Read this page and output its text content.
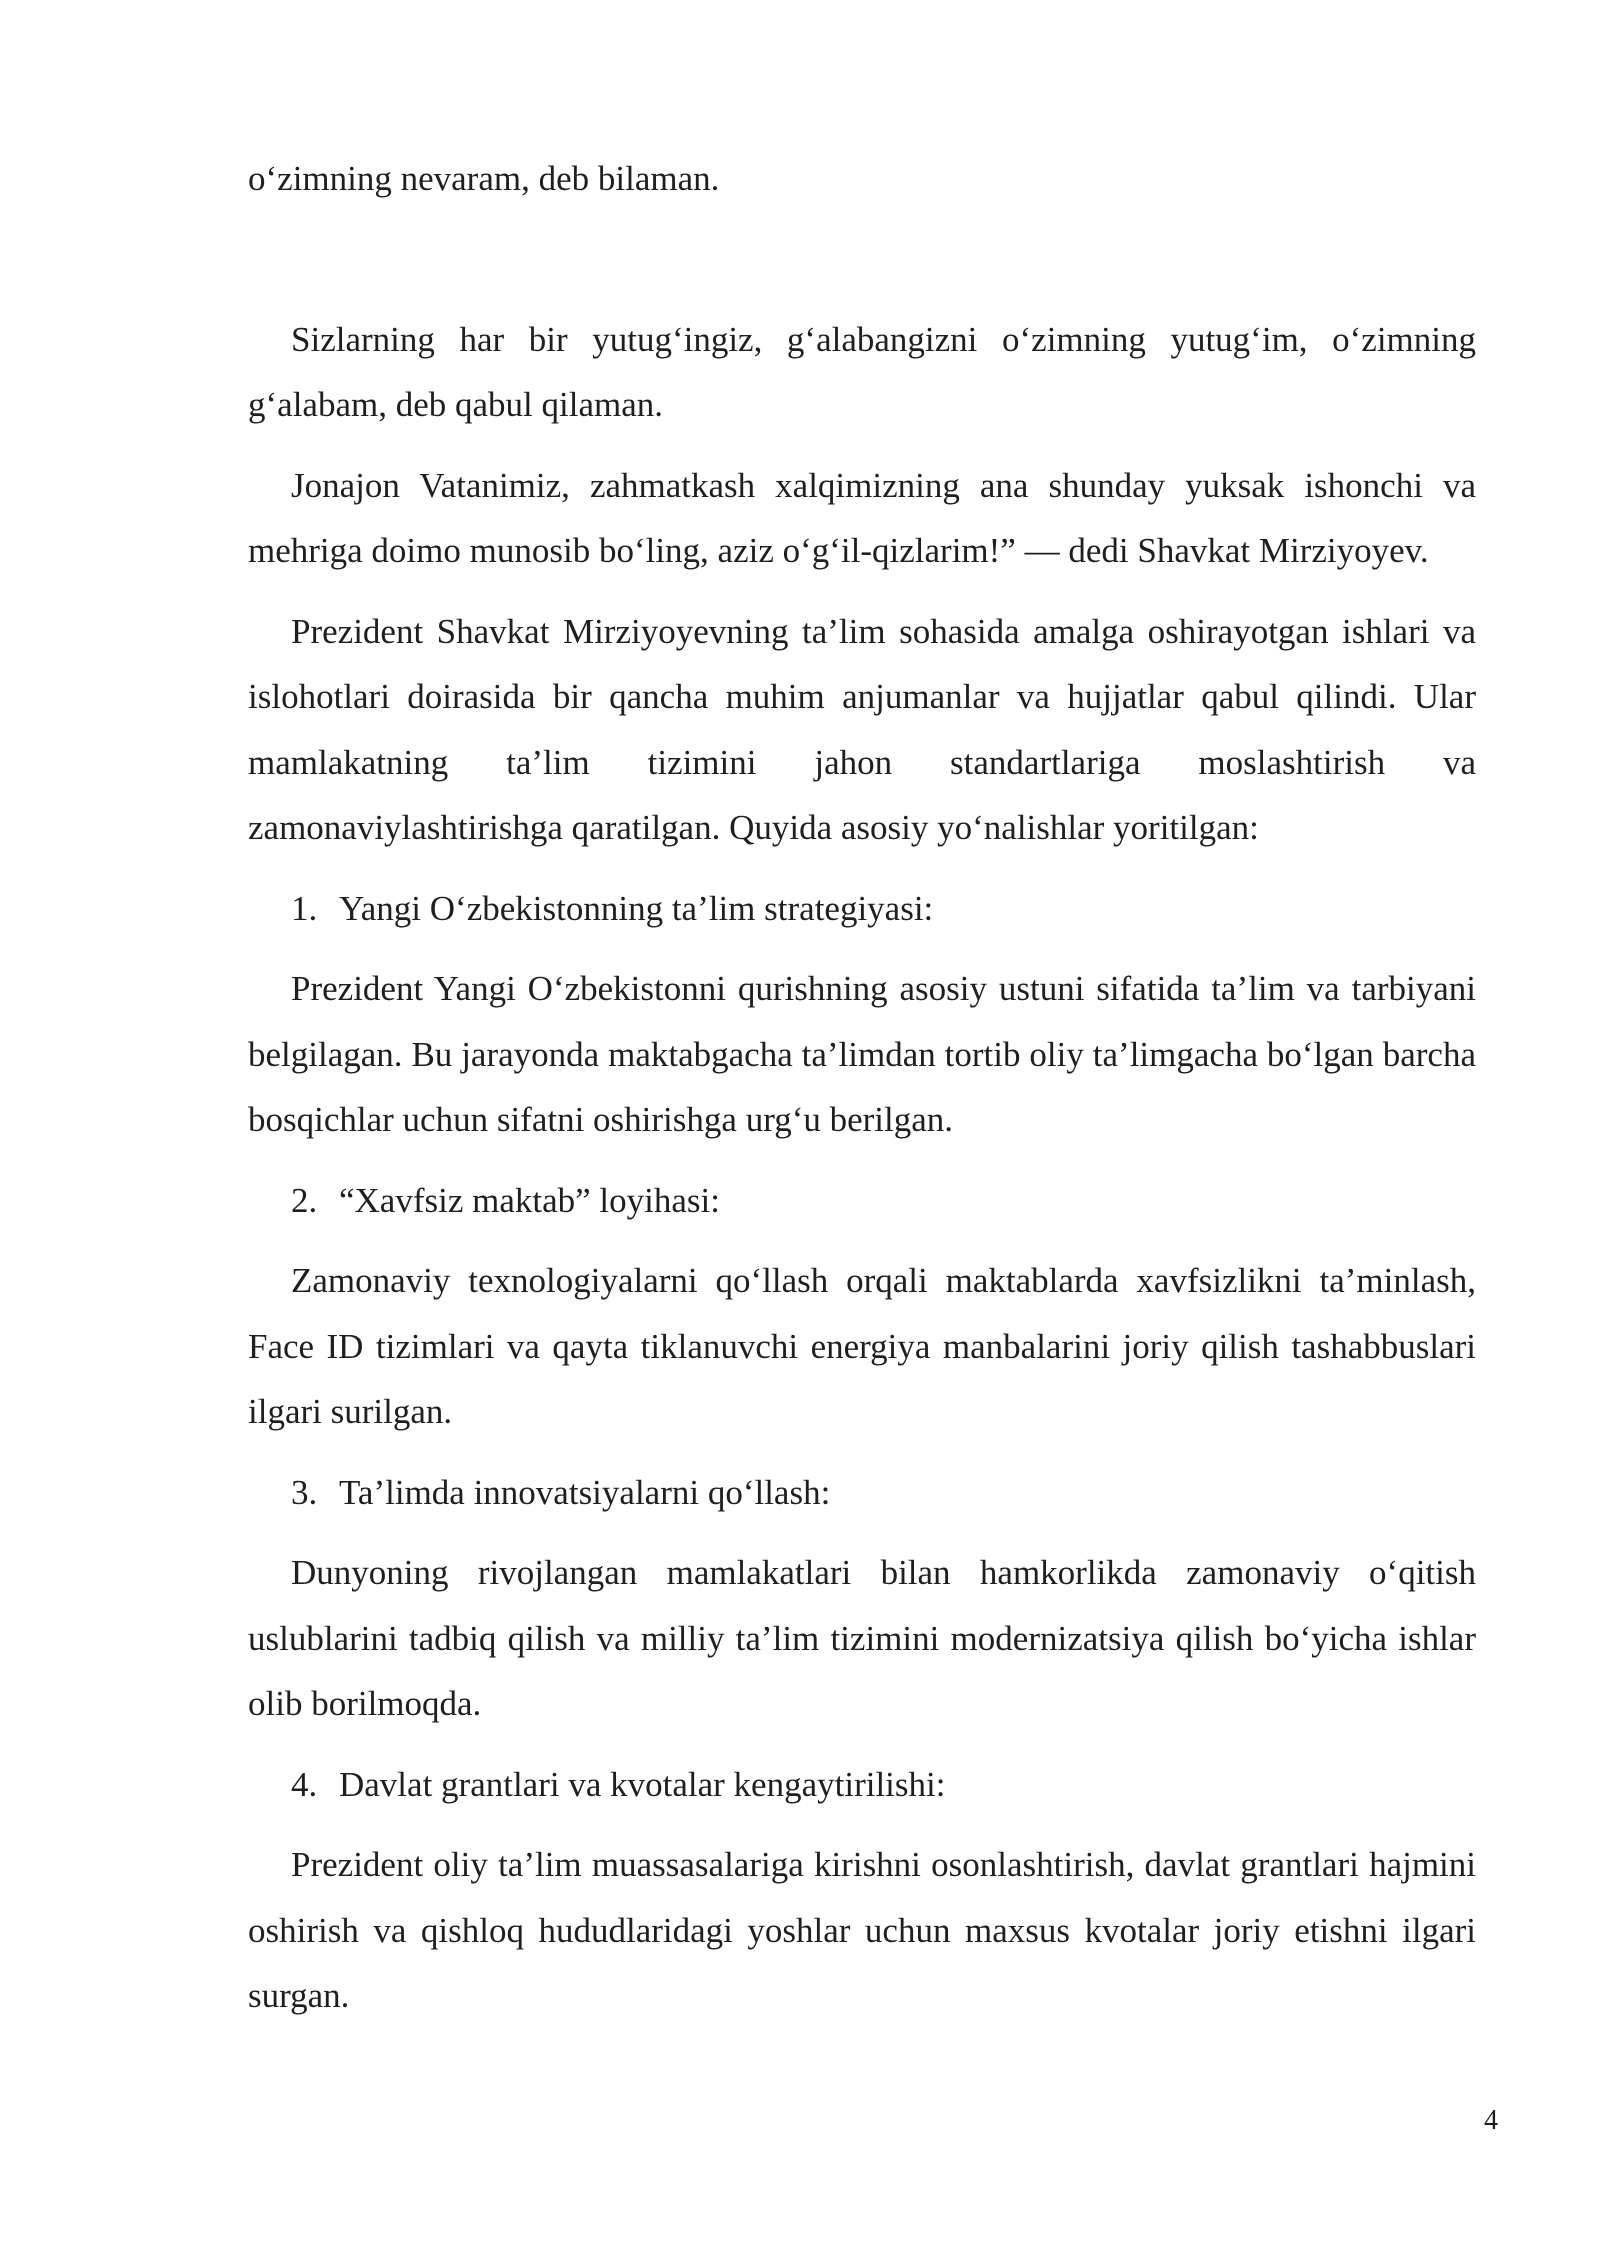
o‘zimning nevaram, deb bilaman.

Sizlarning har bir yutug‘ingiz, g‘alabangizni o‘zimning yutug‘im, o‘zimning g‘alabam, deb qabul qilaman.

Jonajon Vatanimiz, zahmatkash xalqimizning ana shunday yuksak ishonchi va mehriga doimo munosib bo‘ling, aziz o‘g‘il-qizlarim!” — dedi Shavkat Mirziyoyev.

Prezident Shavkat Mirziyoyevning ta’lim sohasida amalga oshirayotgan ishlari va islohotlari doirasida bir qancha muhim anjumanlar va hujjatlar qabul qilindi. Ular mamlakatning ta’lim tizimini jahon standartlariga moslashtirish va zamonaviylashtirishga qaratilgan. Quyida asosiy yo‘nalishlar yoritilgan:

1. Yangi O‘zbekistonning ta’lim strategiyasi:

Prezident Yangi O‘zbekistonni qurishning asosiy ustuni sifatida ta’lim va tarbiyani belgilagan. Bu jarayonda maktabgacha ta’limdan tortib oliy ta’limgacha bo‘lgan barcha bosqichlar uchun sifatni oshirishga urg‘u berilgan.

2. “Xavfsiz maktab” loyihasi:

Zamonaviy texnologiyalarni qo‘llash orqali maktablarda xavfsizlikni ta’minlash, Face ID tizimlari va qayta tiklanuvchi energiya manbalarini joriy qilish tashabbuslari ilgari surilgan.

3. Ta’limda innovatsiyalarni qo‘llash:

Dunyoning rivojlangan mamlakatlari bilan hamkorlikda zamonaviy o‘qitish uslublarini tadbiq qilish va milliy ta’lim tizimini modernizatsiya qilish bo‘yicha ishlar olib borilmoqda.

4. Davlat grantlari va kvotalar kengaytirilishi:

Prezident oliy ta’lim muassasalariga kirishni osonlashtirish, davlat grantlari hajmini oshirish va qishloq hududlaridagi yoshlar uchun maxsus kvotalar joriy etishni ilgari surgan.

4
